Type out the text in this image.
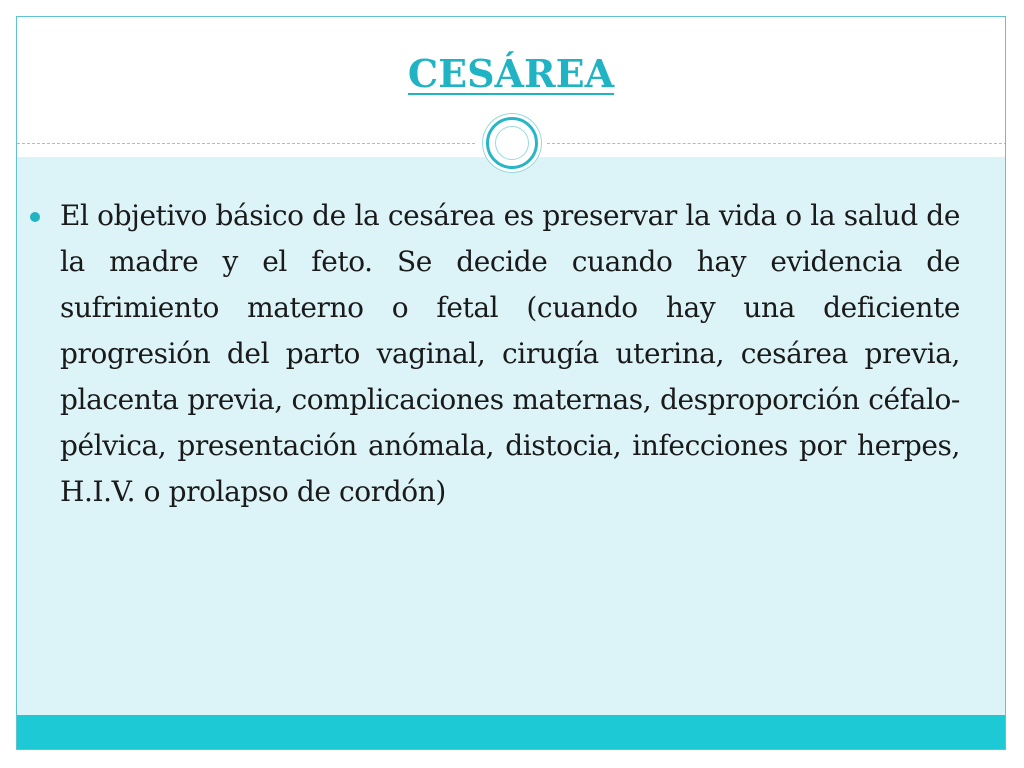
CESÁREA
El objetivo básico de la cesárea es preservar la vida o la salud de la madre y el feto. Se decide cuando hay evidencia de sufrimiento materno o fetal (cuando hay una deficiente progresión del parto vaginal, cirugía uterina, cesárea previa, placenta previa, complicaciones maternas, desproporción céfalo-pélvica, presentación anómala, distocia, infecciones por herpes, H.I.V. o prolapso de cordón)
